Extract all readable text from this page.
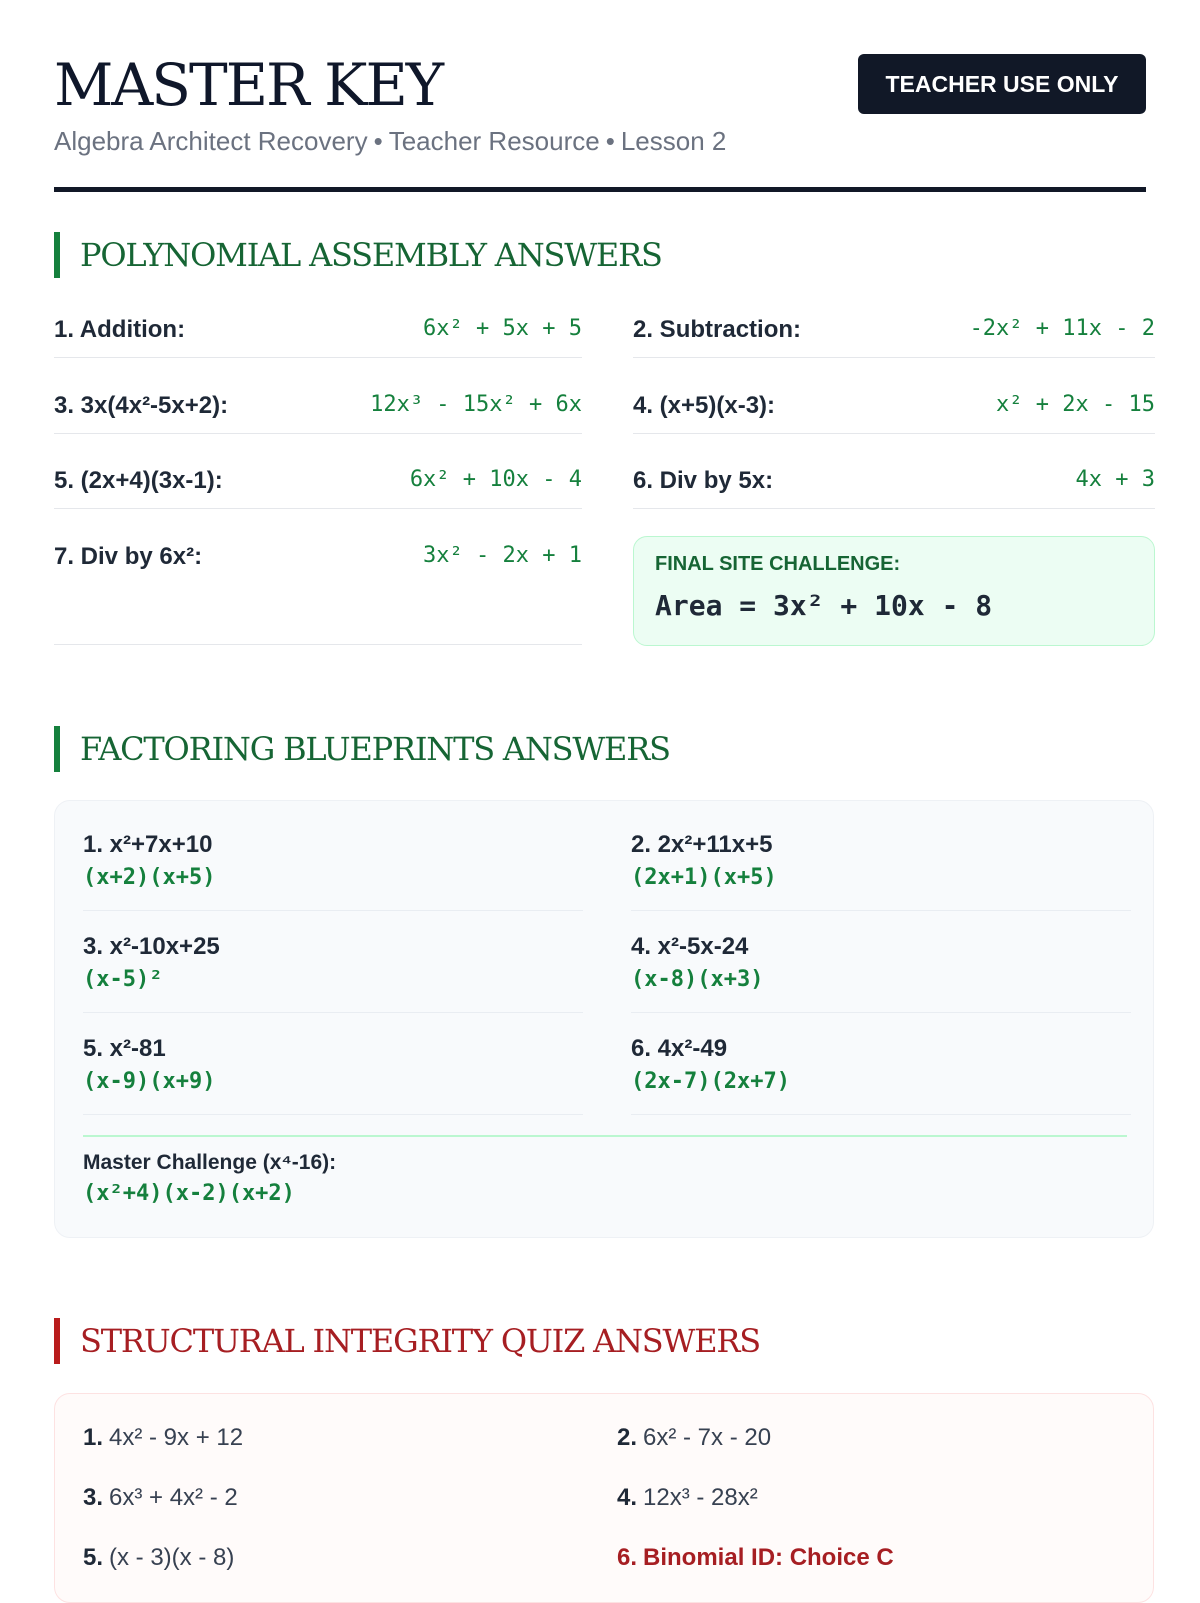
MASTER KEY
Algebra Architect Recovery • Teacher Resource • Lesson 2
TEACHER USE ONLY
POLYNOMIAL ASSEMBLY ANSWERS
1. Addition:	6x² + 5x + 5 2. Subtraction:	-2x² + 11x - 2
3. 3x(4x²-5x+2):	12x³ - 15x² + 6x 4. (x+5)(x-3):	x² + 2x - 15
5. (2x+4)(3x-1):	6x² + 10x - 4 6. Div by 5x:	4x + 3
7. Div by 6x²:	3x² - 2x + 1	FINAL SITE CHALLENGE:
Area = 3x² + 10x - 8
FACTORING BLUEPRINTS ANSWERS
1. x²+7x+10
(x+2)(x+5)
2. 2x²+11x+5
(2x+1)(x+5)
3. x²-10x+25
(x-5)²
4. x²-5x-24
(x-8)(x+3)
5. x²-81
(x-9)(x+9)
6. 4x²-49
(2x-7)(2x+7)
Master Challenge (x⁴-16):
(x²+4)(x-2)(x+2)
STRUCTURAL INTEGRITY QUIZ ANSWERS
1. 4x² - 9x + 12	2. 6x² - 7x - 20
3. 6x³ + 4x² - 2	4. 12x³ - 28x²
5. (x - 3)(x - 8)	6. Binomial ID: Choice C
